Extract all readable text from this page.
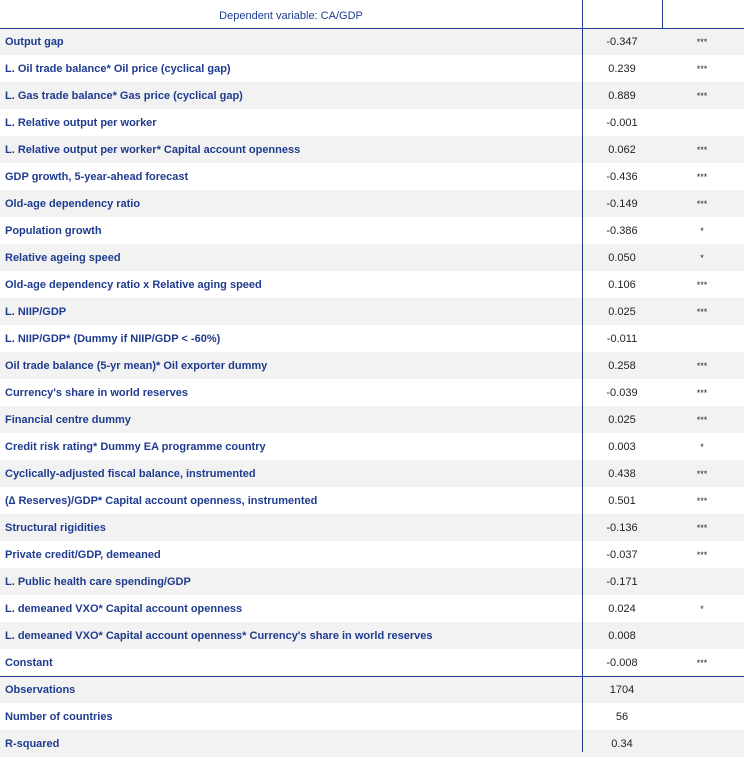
Dependent variable: CA/GDP
Output gap	-0.347	***
L. Oil trade balance* Oil price (cyclical gap)	0.239	***
L. Gas trade balance* Gas price (cyclical gap)	0.889	***
L. Relative output per worker	-0.001
L. Relative output per worker* Capital account openness	0.062	***
GDP growth, 5-year-ahead forecast	-0.436	***
Old-age dependency ratio	-0.149	***
Population growth	-0.386	*
Relative ageing speed	0.050	*
Old-age dependency ratio x Relative aging speed	0.106	***
L. NIIP/GDP	0.025	***
L. NIIP/GDP* (Dummy if NIIP/GDP < -60%)	-0.011
Oil trade balance (5-yr mean)* Oil exporter dummy	0.258	***
Currency's share in world reserves	-0.039	***
Financial centre dummy	0.025	***
Credit risk rating* Dummy EA programme country	0.003	*
Cyclically-adjusted fiscal balance, instrumented	0.438	***
(∆ Reserves)/GDP* Capital account openness, instrumented	0.501	***
Structural rigidities	-0.136	***
Private credit/GDP, demeaned	-0.037	***
L. Public health care spending/GDP	-0.171
L. demeaned VXO* Capital account openness	0.024	*
L. demeaned VXO* Capital account openness* Currency's share in world reserves	0.008
Constant	-0.008	***
Observations	1704
Number of countries	56
R-squared	0.34
